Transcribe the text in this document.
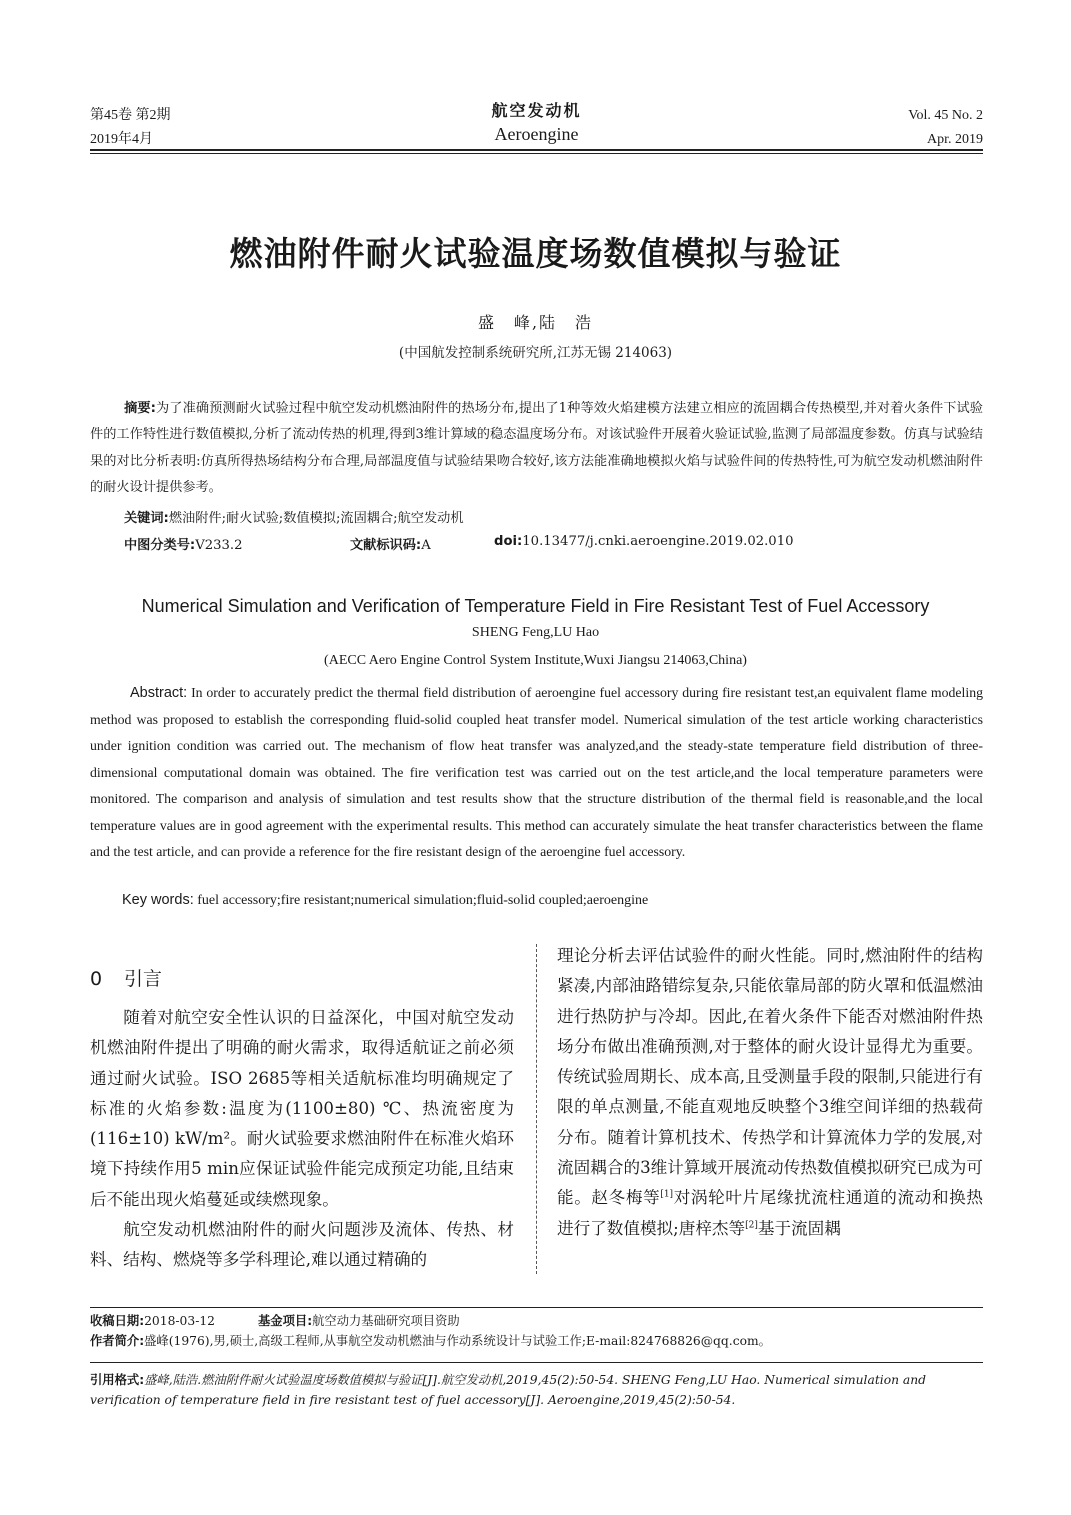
第45卷 第2期
2019年4月
航空发动机
Aeroengine
Vol. 45 No. 2
Apr. 2019
燃油附件耐火试验温度场数值模拟与验证
盛　峰,陆　浩
(中国航发控制系统研究所,江苏无锡 214063)
摘要:为了准确预测耐火试验过程中航空发动机燃油附件的热场分布,提出了1种等效火焰建模方法建立相应的流固耦合传热模型,并对着火条件下试验件的工作特性进行数值模拟,分析了流动传热的机理,得到3维计算域的稳态温度场分布。对该试验件开展着火验证试验,监测了局部温度参数。仿真与试验结果的对比分析表明:仿真所得热场结构分布合理,局部温度值与试验结果吻合较好,该方法能准确地模拟火焰与试验件间的传热特性,可为航空发动机燃油附件的耐火设计提供参考。
关键词:燃油附件;耐火试验;数值模拟;流固耦合;航空发动机
中图分类号:V233.2	文献标识码:A	doi:10.13477/j.cnki.aeroengine.2019.02.010
Numerical Simulation and Verification of Temperature Field in Fire Resistant Test of Fuel Accessory
SHENG Feng,LU Hao
(AECC Aero Engine Control System Institute,Wuxi Jiangsu 214063,China)
Abstract: In order to accurately predict the thermal field distribution of aeroengine fuel accessory during fire resistant test,an equivalent flame modeling method was proposed to establish the corresponding fluid-solid coupled heat transfer model. Numerical simulation of the test article working characteristics under ignition condition was carried out. The mechanism of flow heat transfer was analyzed,and the steady-state temperature field distribution of three-dimensional computational domain was obtained. The fire verification test was carried out on the test article,and the local temperature parameters were monitored. The comparison and analysis of simulation and test results show that the structure distribution of the thermal field is reasonable,and the local temperature values are in good agreement with the experimental results. This method can accurately simulate the heat transfer characteristics between the flame and the test article, and can provide a reference for the fire resistant design of the aeroengine fuel accessory.
Key words: fuel accessory;fire resistant;numerical simulation;fluid-solid coupled;aeroengine
0 引言

随着对航空安全性认识的日益深化，中国对航空发动机燃油附件提出了明确的耐火需求，取得适航证之前必须通过耐火试验。ISO 2685等相关适航标准均明确规定了标准的火焰参数:温度为(1100±80) ℃、热流密度为(116±10) kW/m²。耐火试验要求燃油附件在标准火焰环境下持续作用5 min应保证试验件能完成预定功能,且结束后不能出现火焰蔓延或续燃现象。

航空发动机燃油附件的耐火问题涉及流体、传热、材料、结构、燃烧等多学科理论,难以通过精确的

理论分析去评估试验件的耐火性能。同时,燃油附件的结构紧凑,内部油路错综复杂,只能依靠局部的防火罩和低温燃油进行热防护与冷却。因此,在着火条件下能否对燃油附件热场分布做出准确预测,对于整体的耐火设计显得尤为重要。传统试验周期长、成本高,且受测量手段的限制,只能进行有限的单点测量,不能直观地反映整个3维空间详细的热载荷分布。随着计算机技术、传热学和计算流体力学的发展,对流固耦合的3维计算域开展流动传热数值模拟研究已成为可能。赵冬梅等[1]对涡轮叶片尾缘扰流柱通道的流动和换热进行了数值模拟;唐梓杰等[2]基于流固耦

收稿日期:2018-03-12	基金项目:航空动力基础研究项目资助
作者简介:盛峰(1976),男,硕士,高级工程师,从事航空发动机燃油与作动系统设计与试验工作;E-mail:824768826@qq.com。
引用格式:盛峰,陆浩.燃油附件耐火试验温度场数值模拟与验证[J].航空发动机,2019,45(2):50-54. SHENG Feng,LU Hao. Numerical simulation and verification of temperature field in fire resistant test of fuel accessory[J]. Aeroengine,2019,45(2):50-54.
